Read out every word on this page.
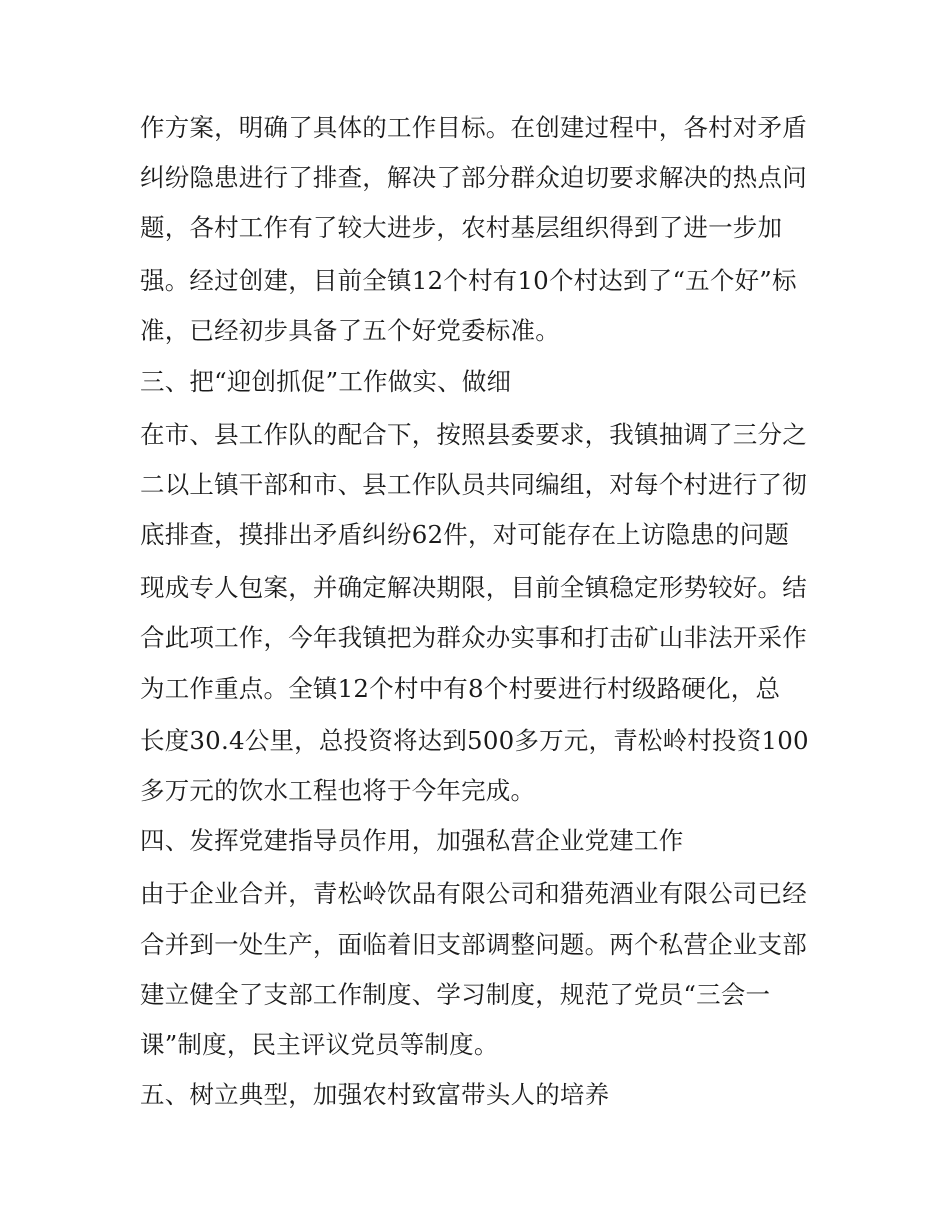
作方案，明确了具体的工作目标。在创建过程中，各村对矛盾
纠纷隐患进行了排查，解决了部分群众迫切要求解决的热点问
题，各村工作有了较大进步，农村基层组织得到了进一步加
强。经过创建，目前全镇12个村有10个村达到了“五个好”标
准，已经初步具备了五个好党委标准。
三、把“迎创抓促”工作做实、做细
在市、县工作队的配合下，按照县委要求，我镇抽调了三分之
二以上镇干部和市、县工作队员共同编组，对每个村进行了彻
底排查，摸排出矛盾纠纷62件，对可能存在上访隐患的问题
现成专人包案，并确定解决期限，目前全镇稳定形势较好。结
合此项工作，今年我镇把为群众办实事和打击矿山非法开采作
为工作重点。全镇12个村中有8个村要进行村级路硬化，总
长度30.4公里，总投资将达到500多万元，青松岭村投资100
多万元的饮水工程也将于今年完成。
四、发挥党建指导员作用，加强私营企业党建工作
由于企业合并，青松岭饮品有限公司和猎苑酒业有限公司已经
合并到一处生产，面临着旧支部调整问题。两个私营企业支部
建立健全了支部工作制度、学习制度，规范了党员“三会一
课”制度，民主评议党员等制度。
五、树立典型，加强农村致富带头人的培养
